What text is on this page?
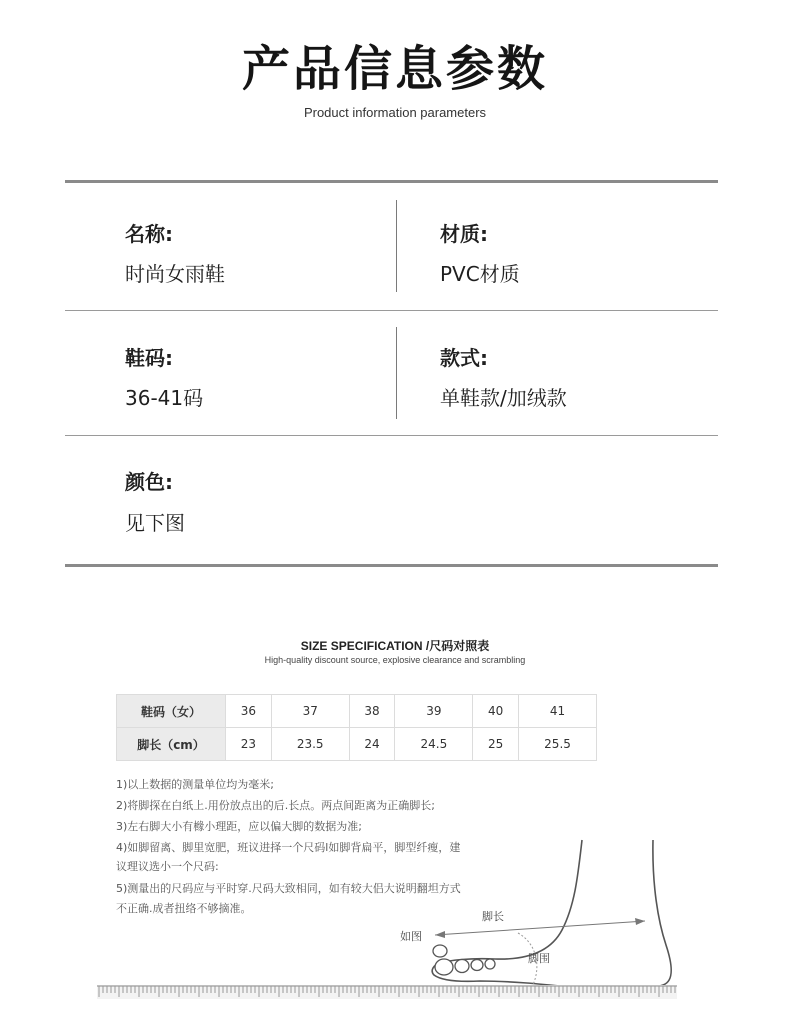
产品信息参数
Product information parameters
名称:
时尚女雨鞋
材质:
PVC材质
鞋码:
36-41码
款式:
单鞋款/加绒款
颜色:
见下图
SIZE SPECIFICATION /尺码对照表
High-quality discount source, explosive clearance and scrambling
鞋码（女）	36	37	38	39	40	41
脚长（cm）	23	23.5	24	24.5	25	25.5
1)以上数据的测量单位均为毫米;
2)将脚探在白纸上.用份放点出的后.长点。两点间距离为正确脚长;
3)左右脚大小有橼小理距，应以偏大脚的数据为准;
4)如脚留离、脚里宽肥，班议进择一个尺码l如脚背扁平，脚型纤瘦，建
议理议选小一个尺码:
5)测量出的尺码应与平时穿.尺码大致相同，如有较大侣大说明翻坦方式
不正确.成者扭络不够摘准。
脚长
如图
脚围
